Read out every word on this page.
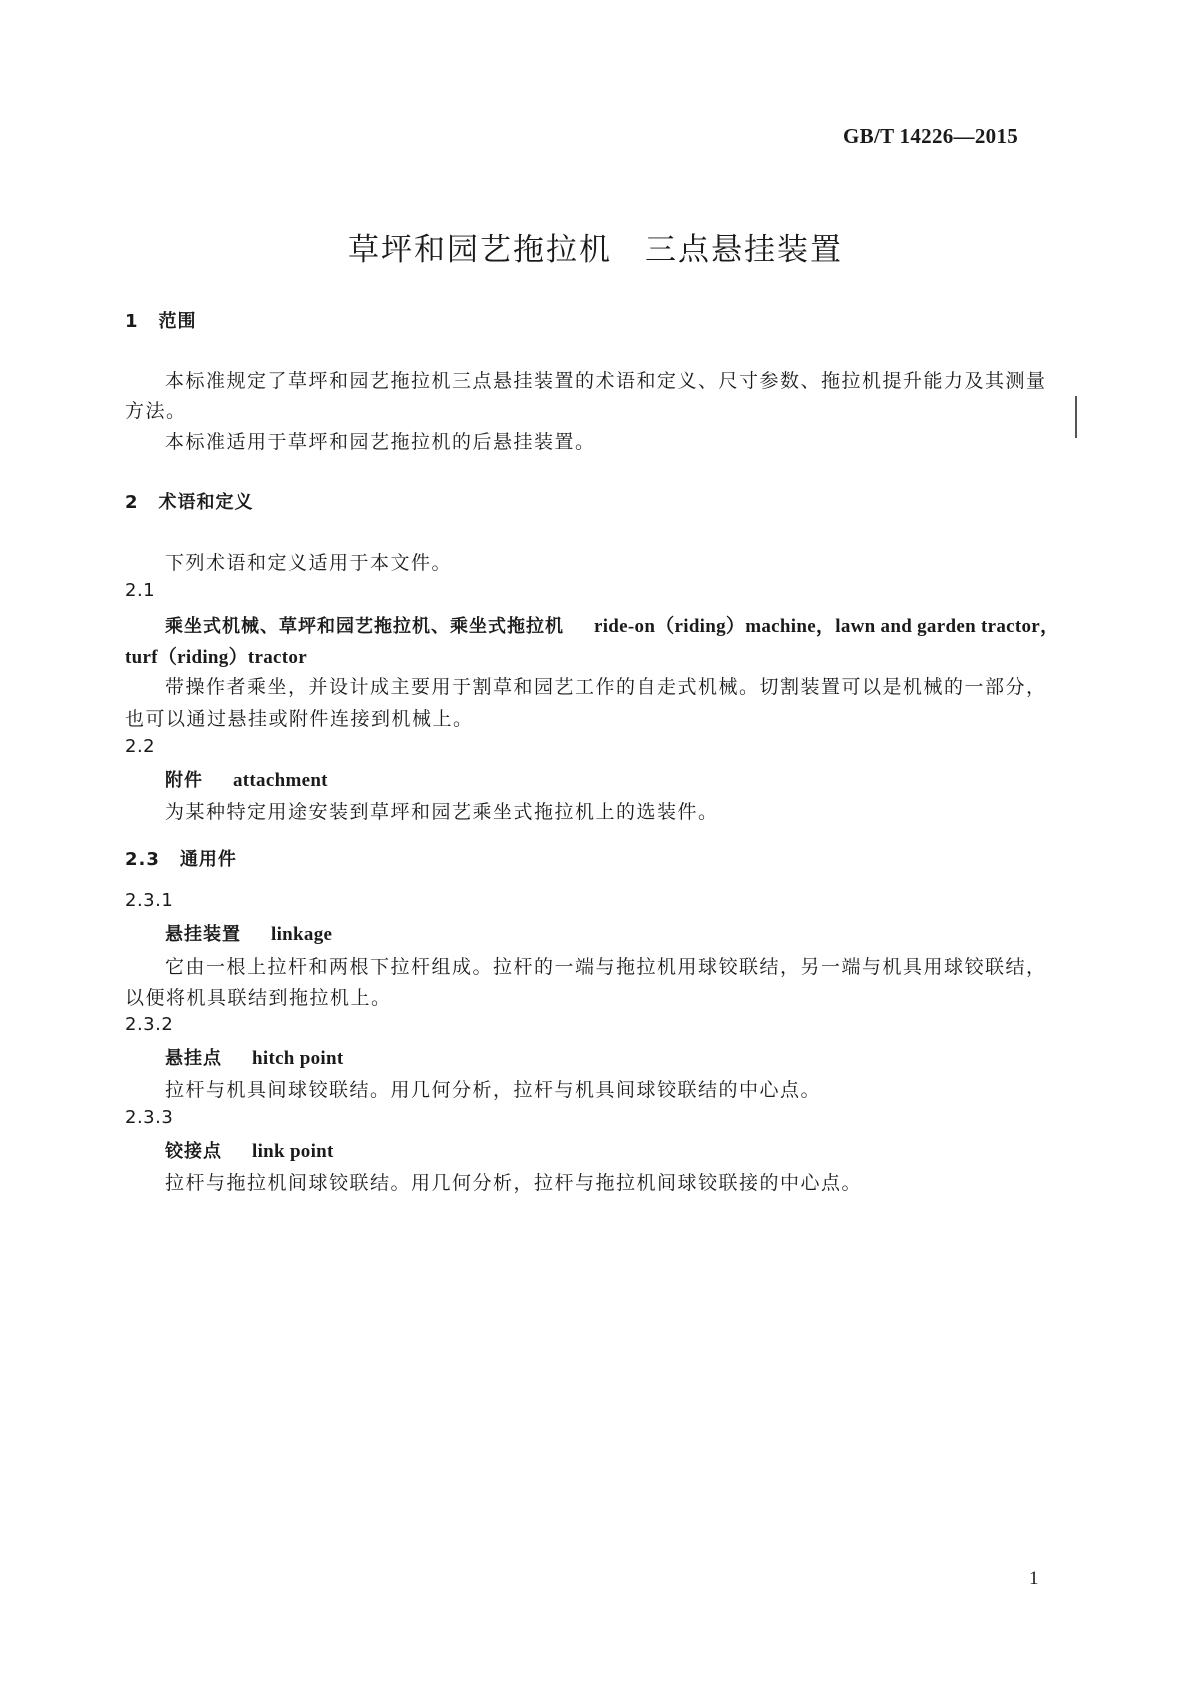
GB/T 14226—2015
草坪和园艺拖拉机　三点悬挂装置
1 范围
本标准规定了草坪和园艺拖拉机三点悬挂装置的术语和定义、尺寸参数、拖拉机提升能力及其测量
方法。
本标准适用于草坪和园艺拖拉机的后悬挂装置。
2 术语和定义
下列术语和定义适用于本文件。
2.1
乘坐式机械、草坪和园艺拖拉机、乘坐式拖拉机 ride-on（riding）machine，lawn and garden tractor，
turf（riding）tractor
带操作者乘坐，并设计成主要用于割草和园艺工作的自走式机械。切割装置可以是机械的一部分，
也可以通过悬挂或附件连接到机械上。
2.2
附件 attachment
为某种特定用途安装到草坪和园艺乘坐式拖拉机上的选装件。
2.3 通用件
2.3.1
悬挂装置 linkage
它由一根上拉杆和两根下拉杆组成。拉杆的一端与拖拉机用球铰联结，另一端与机具用球铰联结，
以便将机具联结到拖拉机上。
2.3.2
悬挂点 hitch point
拉杆与机具间球铰联结。用几何分析，拉杆与机具间球铰联结的中心点。
2.3.3
铰接点 link point
拉杆与拖拉机间球铰联结。用几何分析，拉杆与拖拉机间球铰联接的中心点。
1
